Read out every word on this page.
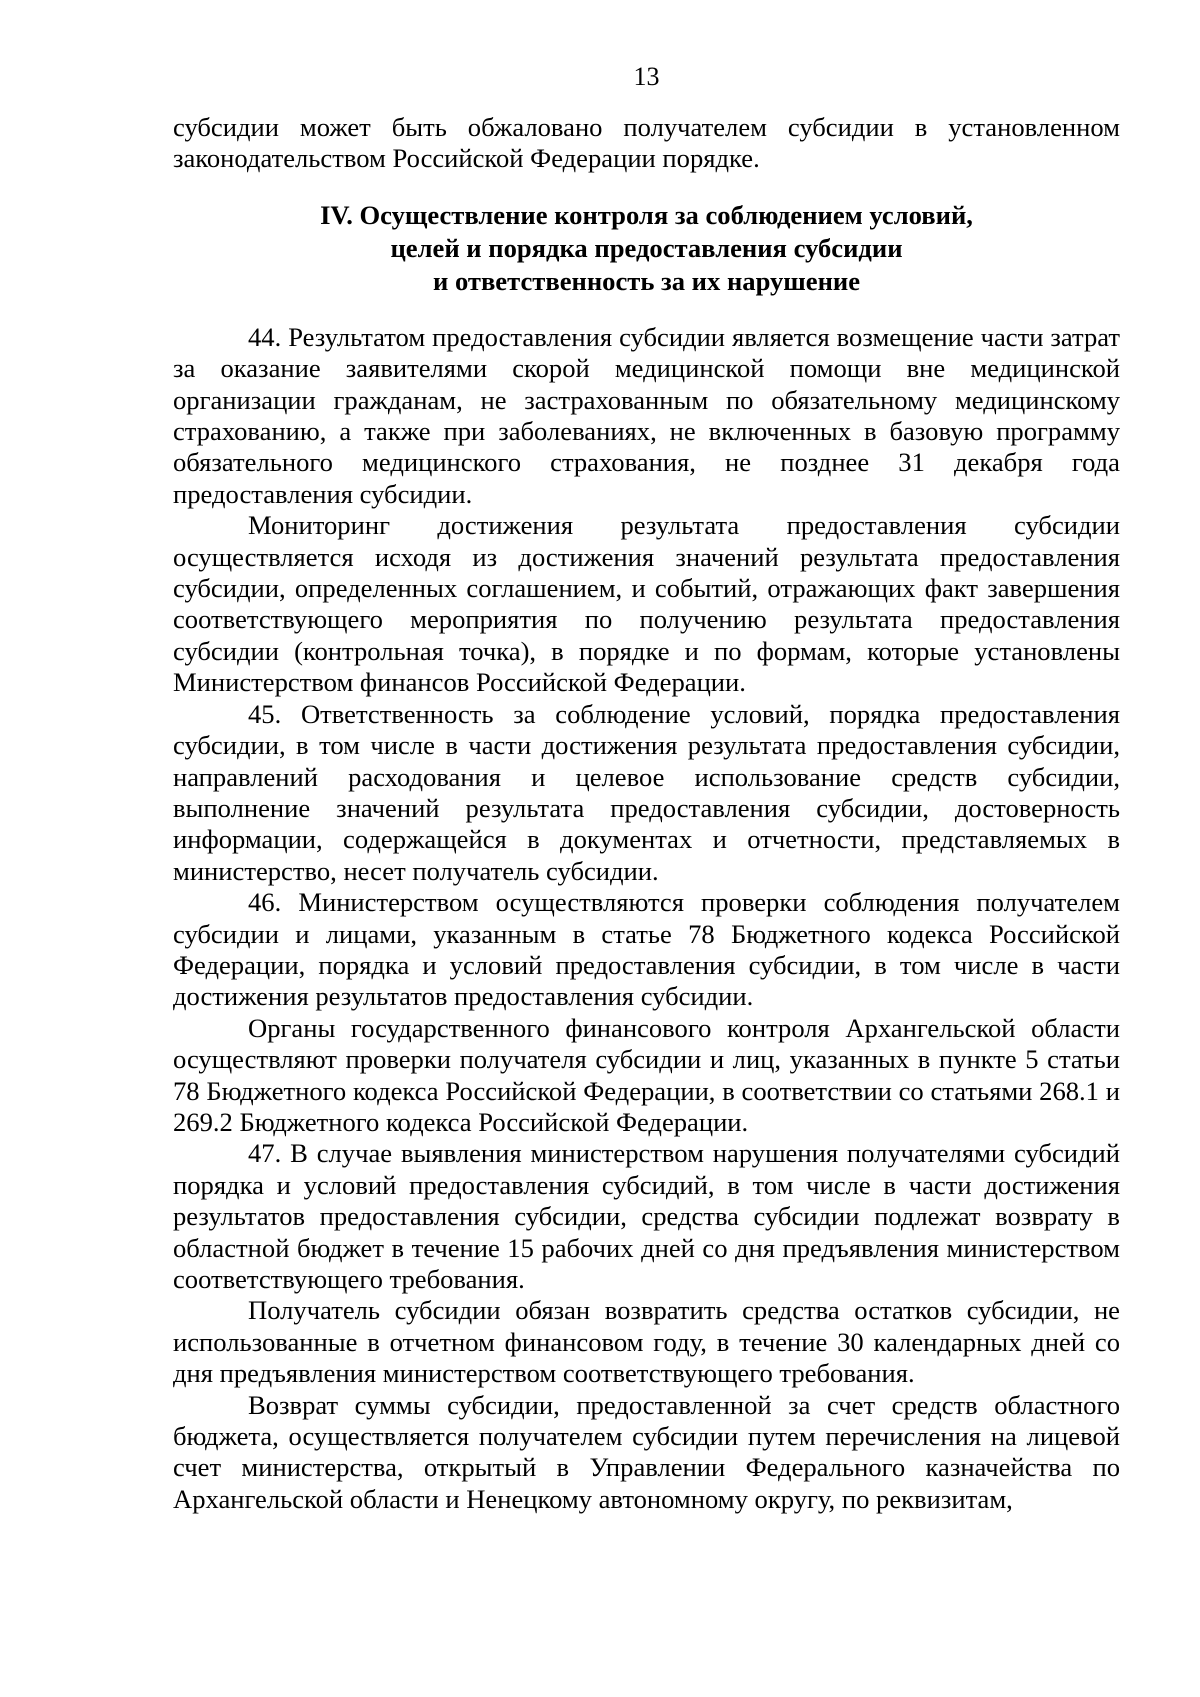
13

субсидии может быть обжаловано получателем субсидии в установленном законодательством Российской Федерации порядке.

IV. Осуществление контроля за соблюдением условий,
целей и порядка предоставления субсидии
и ответственность за их нарушение

44. Результатом предоставления субсидии является возмещение части затрат за оказание заявителями скорой медицинской помощи вне медицинской организации гражданам, не застрахованным по обязательному медицинскому страхованию, а также при заболеваниях, не включенных в базовую программу обязательного медицинского страхования, не позднее 31 декабря года предоставления субсидии.

Мониторинг достижения результата предоставления субсидии осуществляется исходя из достижения значений результата предоставления субсидии, определенных соглашением, и событий, отражающих факт завершения соответствующего мероприятия по получению результата предоставления субсидии (контрольная точка), в порядке и по формам, которые установлены Министерством финансов Российской Федерации.

45. Ответственность за соблюдение условий, порядка предоставления субсидии, в том числе в части достижения результата предоставления субсидии, направлений расходования и целевое использование средств субсидии, выполнение значений результата предоставления субсидии, достоверность информации, содержащейся в документах и отчетности, представляемых в министерство, несет получатель субсидии.

46. Министерством осуществляются проверки соблюдения получателем субсидии и лицами, указанным в статье 78 Бюджетного кодекса Российской Федерации, порядка и условий предоставления субсидии, в том числе в части достижения результатов предоставления субсидии.

Органы государственного финансового контроля Архангельской области осуществляют проверки получателя субсидии и лиц, указанных в пункте 5 статьи 78 Бюджетного кодекса Российской Федерации, в соответствии со статьями 268.1 и 269.2 Бюджетного кодекса Российской Федерации.

47. В случае выявления министерством нарушения получателями субсидий порядка и условий предоставления субсидий, в том числе в части достижения результатов предоставления субсидии, средства субсидии подлежат возврату в областной бюджет в течение 15 рабочих дней со дня предъявления министерством соответствующего требования.

Получатель субсидии обязан возвратить средства остатков субсидии, не использованные в отчетном финансовом году, в течение 30 календарных дней со дня предъявления министерством соответствующего требования.

Возврат суммы субсидии, предоставленной за счет средств областного бюджета, осуществляется получателем субсидии путем перечисления на лицевой счет министерства, открытый в Управлении Федерального казначейства по Архангельской области и Ненецкому автономному округу, по реквизитам,
